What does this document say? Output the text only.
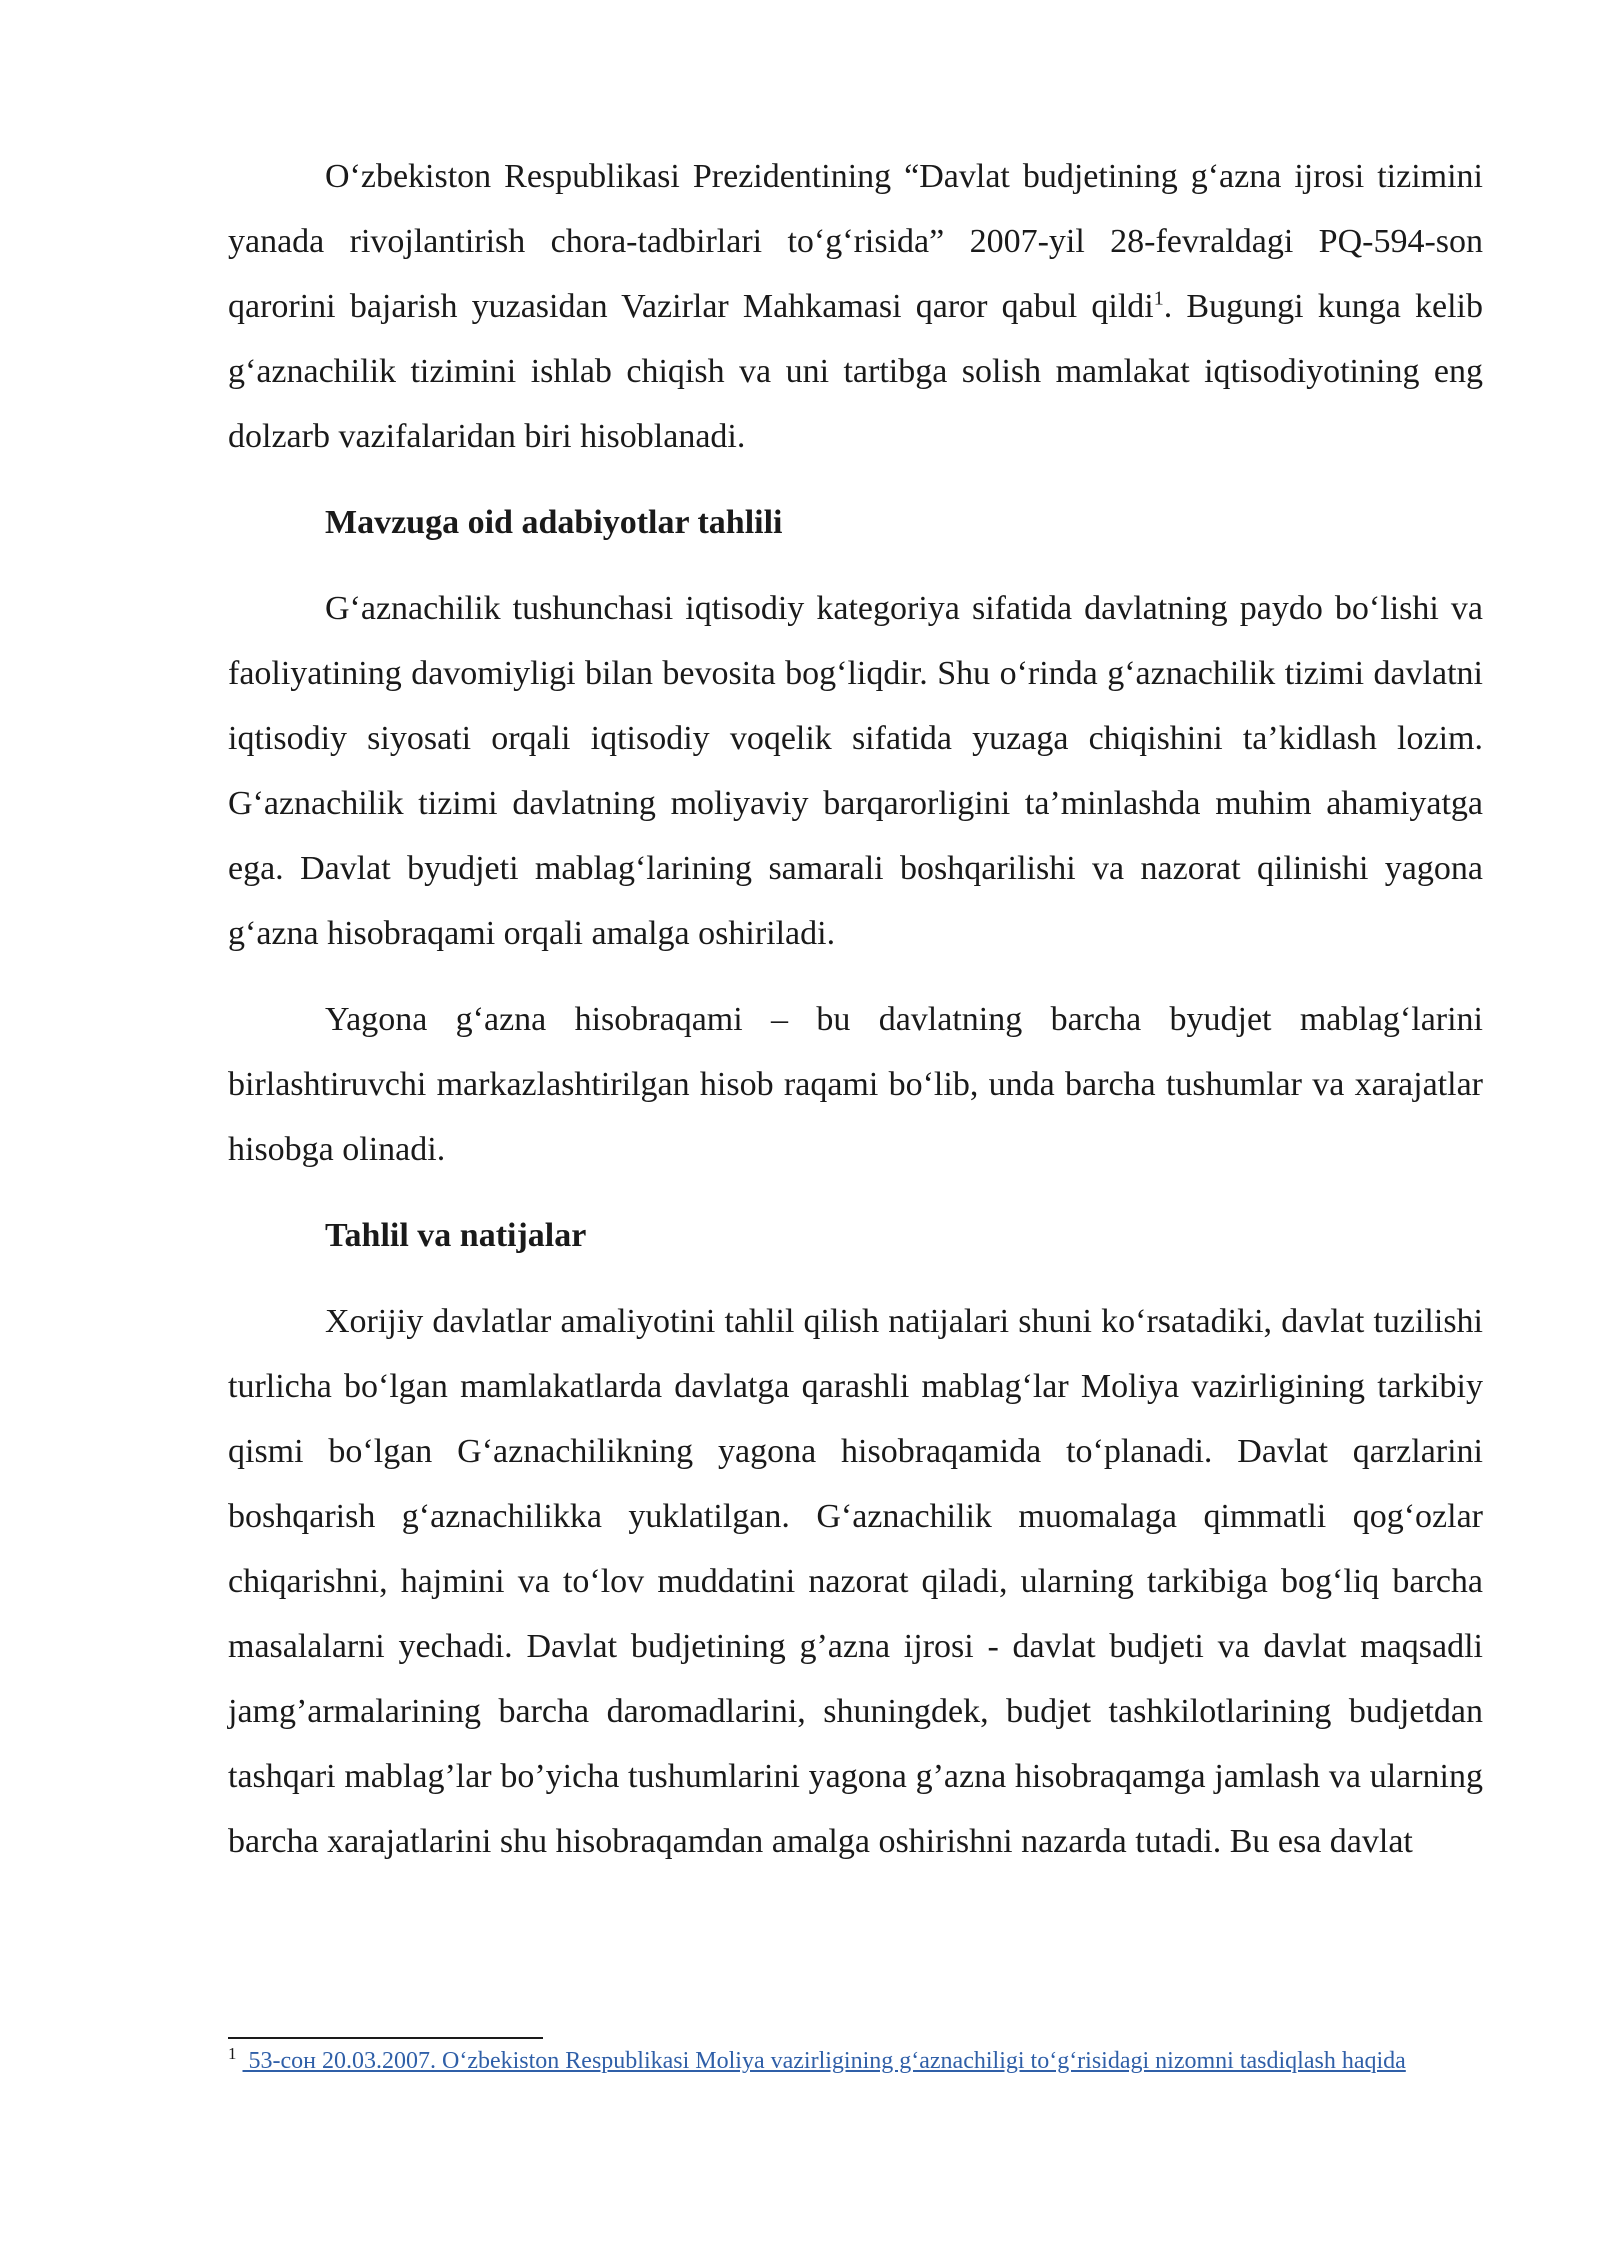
O‘zbekiston Respublikasi Prezidentining “Davlat budjetining g‘azna ijrosi tizimini yanada rivojlantirish chora-tadbirlari to‘g‘risida” 2007-yil 28-fevraldagi PQ-594-son qarorini bajarish yuzasidan Vazirlar Mahkamasi qaror qabul qildi$^1$. Bugungi kunga kelib g‘aznachilik tizimini ishlab chiqish va uni tartibga solish mamlakat iqtisodiyotining eng dolzarb vazifalaridan biri hisoblanadi.

Mavzuga oid adabiyotlar tahlili

G‘aznachilik tushunchasi iqtisodiy kategoriya sifatida davlatning paydo bo‘lishi va faoliyatining davomiyligi bilan bevosita bog‘liqdir. Shu o‘rinda g‘aznachilik tizimi davlatni iqtisodiy siyosati orqali iqtisodiy voqelik sifatida yuzaga chiqishini ta’kidlash lozim. G‘aznachilik tizimi davlatning moliyaviy barqarorligini ta’minlashda muhim ahamiyatga ega. Davlat byudjeti mablag‘larining samarali boshqarilishi va nazorat qilinishi yagona g‘azna hisobraqami orqali amalga oshiriladi.

Yagona g‘azna hisobraqami – bu davlatning barcha byudjet mablag‘larini birlashtiruvchi markazlashtirilgan hisob raqami bo‘lib, unda barcha tushumlar va xarajatlar hisobga olinadi.

Tahlil va natijalar

Xorijiy davlatlar amaliyotini tahlil qilish natijalari shuni ko‘rsatadiki, davlat tuzilishi turlicha bo‘lgan mamlakatlarda davlatga qarashli mablag‘lar Moliya vazirligining tarkibiy qismi bo‘lgan G‘aznachilikning yagona hisobraqamida to‘planadi. Davlat qarzlarini boshqarish g‘aznachilikka yuklatilgan. G‘aznachilik muomalaga qimmatli qog‘ozlar chiqarishni, hajmini va to‘lov muddatini nazorat qiladi, ularning tarkibiga bog‘liq barcha masalalarni yechadi. Davlat budjetining g’azna ijrosi - davlat budjeti va davlat maqsadli jamg’armalarining barcha daromadlarini, shuningdek, budjet tashkilotlarining budjetdan tashqari mablag’lar bo’yicha tushumlarini yagona g’azna hisobraqamga jamlash va ularning barcha xarajatlarini shu hisobraqamdan amalga oshirishni nazarda tutadi. Bu esa davlat

$^1$ 53-сон 20.03.2007. O‘zbekiston Respublikasi Moliya vazirligining g‘aznachiligi to‘g‘risidagi nizomni tasdiqlash haqida
